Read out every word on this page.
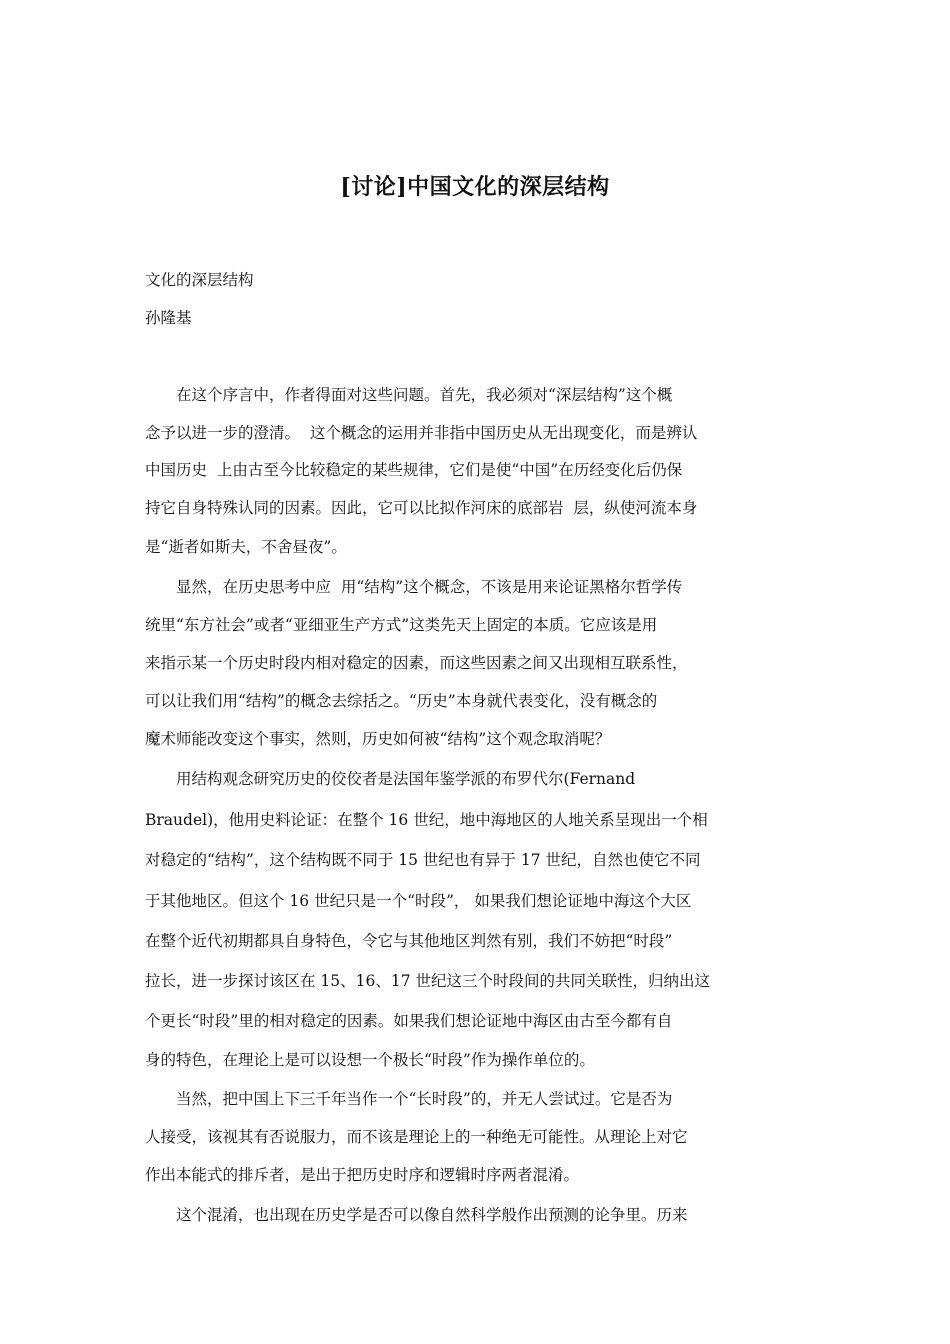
[讨论]中国文化的深层结构
文化的深层结构
孙隆基
　　在这个序言中，作者得面对这些问题。首先，我必须对“深层结构”这个概
念予以进一步的澄清。  这个概念的运用并非指中国历史从无出现变化，而是辨认
中国历史  上由古至今比较稳定的某些规律，它们是使“中国”在历经变化后仍保
持它自身特殊认同的因素。因此，它可以比拟作河床的底部岩  层，纵使河流本身
是“逝者如斯夫，不舍昼夜”。
　　显然，在历史思考中应  用“结构”这个概念，不该是用来论证黑格尔哲学传
统里“东方社会”或者“亚细亚生产方式”这类先天上固定的本质。它应该是用
来指示某一个历史时段内相对稳定的因素，而这些因素之间又出现相互联系性，
可以让我们用“结构”的概念去综括之。“历史”本身就代表变化，没有概念的
魔术师能改变这个事实，然则，历史如何被“结构”这个观念取消呢？
　　用结构观念研究历史的佼佼者是法国年鉴学派的布罗代尔(Fernand
Braudel)，他用史料论证：在整个 16 世纪，地中海地区的人地关系呈现出一个相
对稳定的“结构”，这个结构既不同于 15 世纪也有异于 17 世纪，自然也使它不同
于其他地区。但这个 16 世纪只是一个“时段”， 如果我们想论证地中海这个大区
在整个近代初期都具自身特色，令它与其他地区判然有别，我们不妨把“时段”
拉长，进一步探讨该区在 15、16、17 世纪这三个时段间的共同关联性，归纳出这
个更长“时段”里的相对稳定的因素。如果我们想论证地中海区由古至今都有自
身的特色，在理论上是可以设想一个极长“时段”作为操作单位的。
　　当然，把中国上下三千年当作一个“长时段”的，并无人尝试过。它是否为
人接受，该视其有否说服力，而不该是理论上的一种绝无可能性。从理论上对它
作出本能式的排斥者，是出于把历史时序和逻辑时序两者混淆。
　　这个混淆，也出现在历史学是否可以像自然科学般作出预测的论争里。历来
